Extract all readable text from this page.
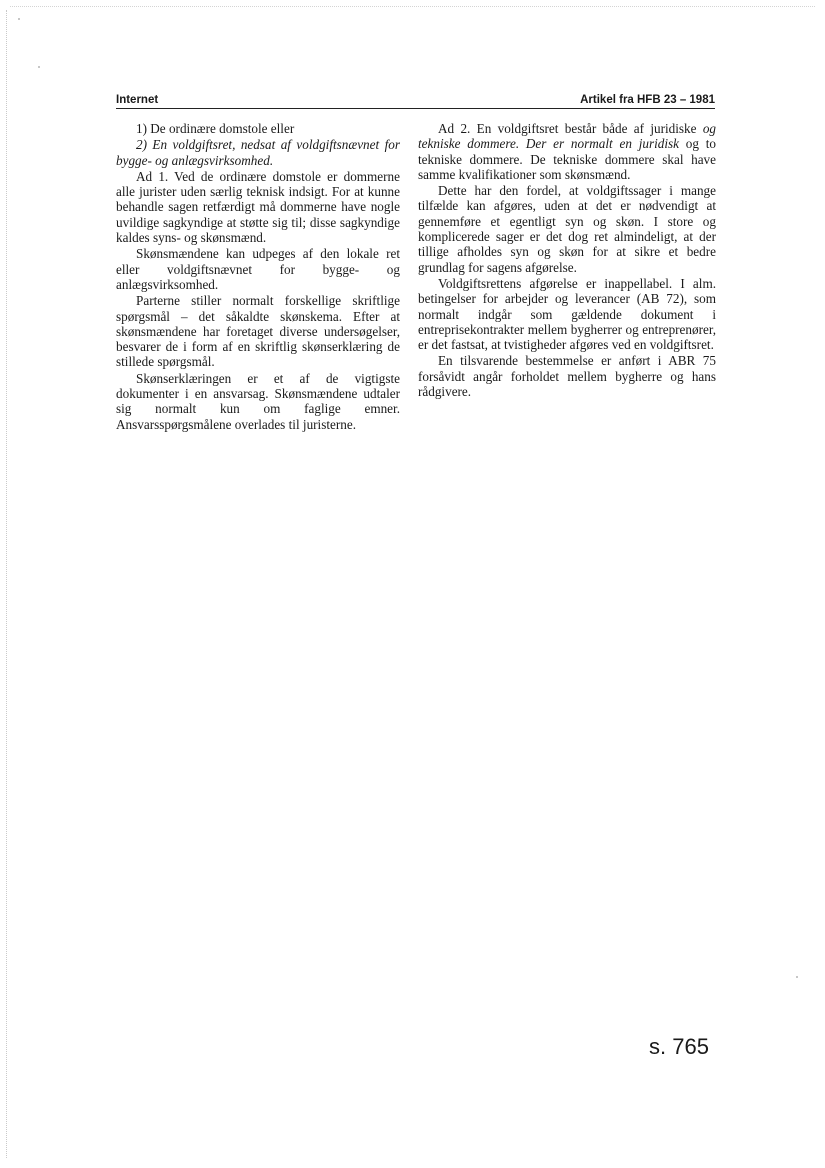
Internet	Artikel fra HFB 23 – 1981

1) De ordinære domstole eller

2) En voldgiftsret, nedsat af voldgiftsnævnet for bygge- og anlægsvirksomhed.

Ad 1. Ved de ordinære domstole er dommerne alle jurister uden særlig teknisk indsigt. For at kunne behandle sagen retfærdigt må dommerne have nogle uvildige sagkyndige at støtte sig til; disse sagkyndige kaldes syns- og skønsmænd.

Skønsmændene kan udpeges af den lokale ret eller voldgiftsnævnet for bygge- og anlægsvirksomhed.

Parterne stiller normalt forskellige skriftlige spørgsmål – det såkaldte skønskema. Efter at skønsmændene har foretaget diverse undersøgelser, besvarer de i form af en skriftlig skønserklæring de stillede spørgsmål.

Skønserklæringen er et af de vigtigste dokumenter i en ansvarsag. Skønsmændene udtaler sig normalt kun om faglige emner. Ansvarsspørgsmålene overlades til juristerne.

Ad 2. En voldgiftsret består både af juridiske og tekniske dommere. Der er normalt en juridisk og to tekniske dommere. De tekniske dommere skal have samme kvalifikationer som skønsmænd.

Dette har den fordel, at voldgiftssager i mange tilfælde kan afgøres, uden at det er nødvendigt at gennemføre et egentligt syn og skøn. I store og komplicerede sager er det dog ret almindeligt, at der tillige afholdes syn og skøn for at sikre et bedre grundlag for sagens afgørelse.

Voldgiftsrettens afgørelse er inappellabel. I alm. betingelser for arbejder og leverancer (AB 72), som normalt indgår som gældende dokument i entreprisekontrakter mellem bygherrer og entreprenører, er det fastsat, at tvistigheder afgøres ved en voldgiftsret.

En tilsvarende bestemmelse er anført i ABR 75 forsåvidt angår forholdet mellem bygherre og hans rådgivere.

s. 765
